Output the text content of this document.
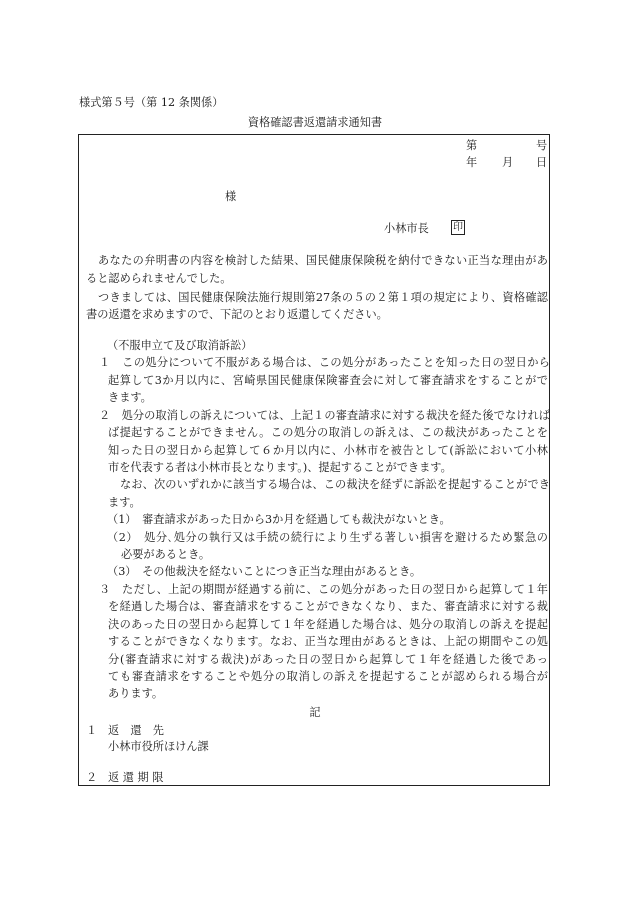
様式第５号（第 12 条関係）
資格確認書返還請求通知書
第	号
年 月 日
様
小林市長 印
あなたの弁明書の内容を検討した結果、国民健康保険税を納付できない正当な理由があ
ると認められませんでした。
つきましては、国民健康保険法施行規則第27条の５の２第１項の規定により、資格確認
書の返還を求めますので、下記のとおり返還してください。
（不服申立て及び取消訴訟）
１　この処分について不服がある場合は、この処分があったことを知った日の翌日から
起算して3か月以内に、宮崎県国民健康保険審査会に対して審査請求をすることがで
きます。
２　処分の取消しの訴えについては、上記１の審査請求に対する裁決を経た後でなければ
ば提起することができません。この処分の取消しの訴えは、この裁決があったことを
知った日の翌日から起算して６か月以内に、小林市を被告として(訴訟において小林
市を代表する者は小林市長となります。)、提起することができます。
なお、次のいずれかに該当する場合は、この裁決を経ずに訴訟を提起することができ
ます。
（1）　審査請求があった日から3か月を経過しても裁決がないとき。
（2）　処分､処分の執行又は手続の続行により生ずる著しい損害を避けるため緊急の
必要があるとき。
（3）　その他裁決を経ないことにつき正当な理由があるとき。
３　ただし、上記の期間が経過する前に、この処分があった日の翌日から起算して１年
を経過した場合は、審査請求をすることができなくなり、また、審査請求に対する裁
決のあった日の翌日から起算して１年を経過した場合は、処分の取消しの訴えを提起
することができなくなります。なお、正当な理由があるときは、上記の期間やこの処
分(審査請求に対する裁決)があった日の翌日から起算して１年を経過した後であっ
ても審査請求をすることや処分の取消しの訴えを提起することが認められる場合が
あります。
記
１ 返　還　先
小林市役所ほけん課
２ 返 還 期 限
